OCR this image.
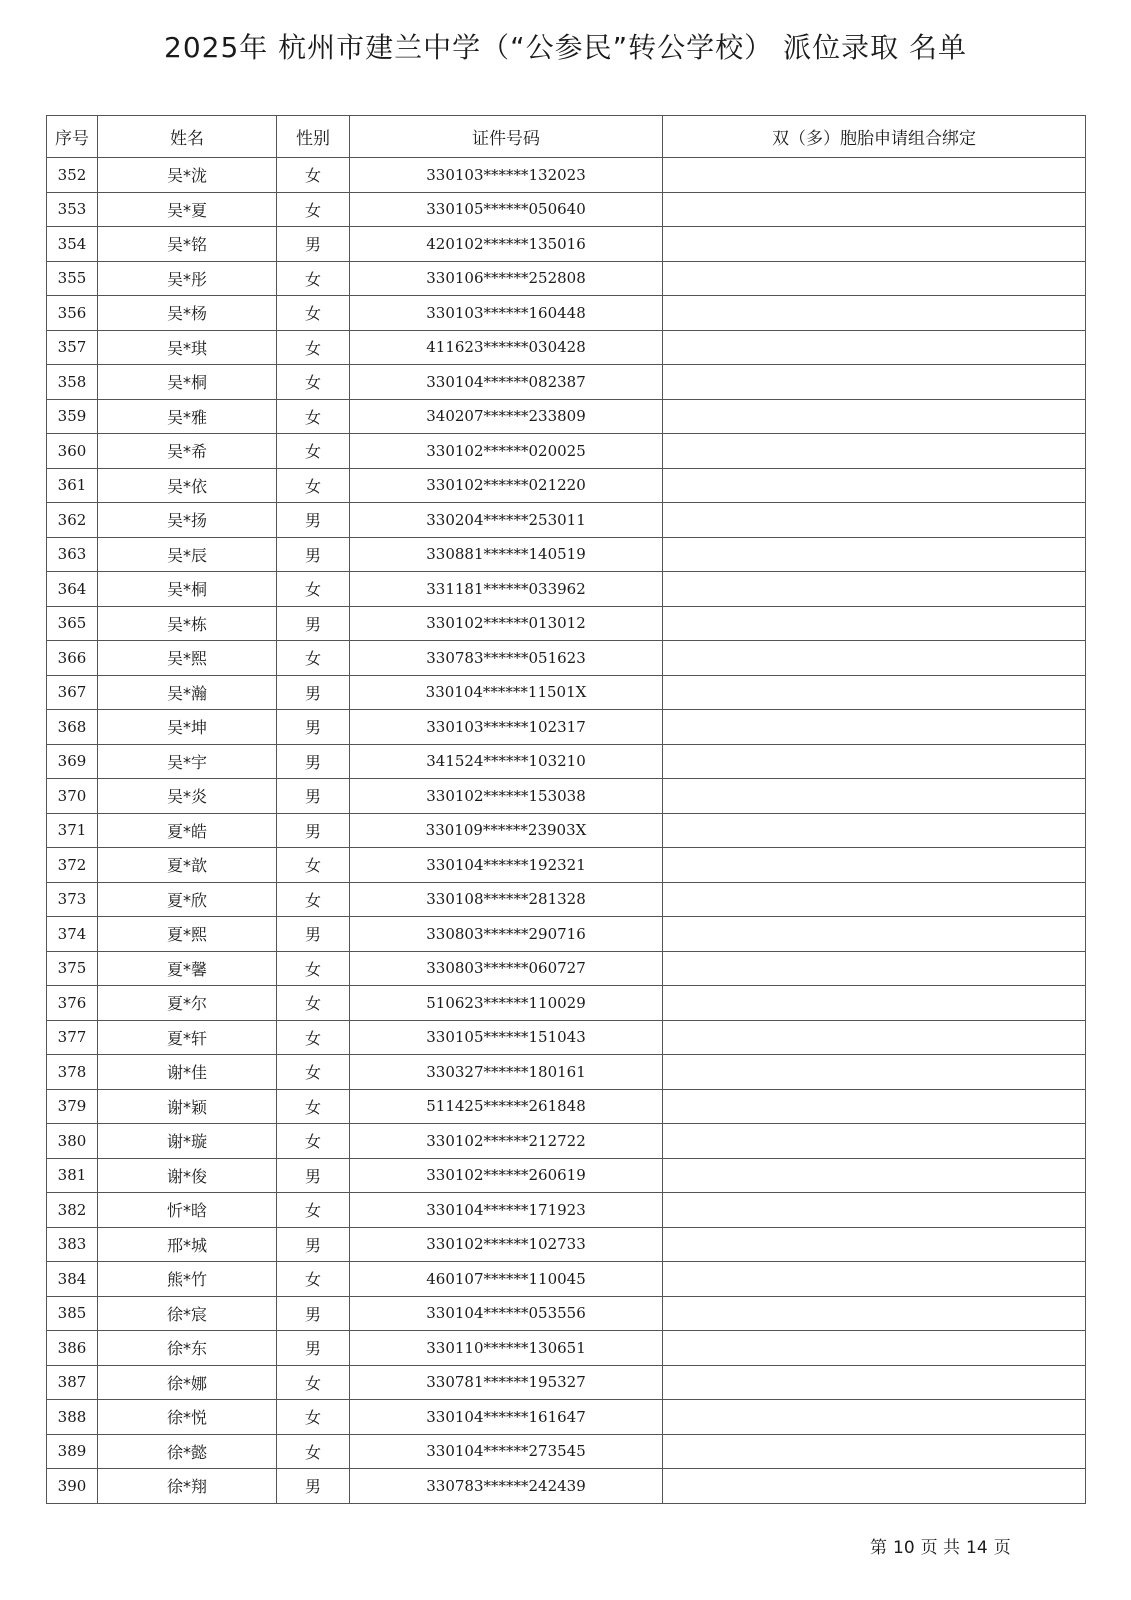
2025年 杭州市建兰中学（“公参民”转公学校） 派位录取 名单
序号	姓名	性别	证件号码	双（多）胞胎申请组合绑定
352	吴*泷	女	330103******132023	
353	吴*夏	女	330105******050640	
354	吴*铭	男	420102******135016	
355	吴*彤	女	330106******252808	
356	吴*杨	女	330103******160448	
357	吴*琪	女	411623******030428	
358	吴*桐	女	330104******082387	
359	吴*雅	女	340207******233809	
360	吴*希	女	330102******020025	
361	吴*依	女	330102******021220	
362	吴*扬	男	330204******253011	
363	吴*辰	男	330881******140519	
364	吴*桐	女	331181******033962	
365	吴*栋	男	330102******013012	
366	吴*熙	女	330783******051623	
367	吴*瀚	男	330104******11501X	
368	吴*坤	男	330103******102317	
369	吴*宇	男	341524******103210	
370	吴*炎	男	330102******153038	
371	夏*皓	男	330109******23903X	
372	夏*歆	女	330104******192321	
373	夏*欣	女	330108******281328	
374	夏*熙	男	330803******290716	
375	夏*馨	女	330803******060727	
376	夏*尔	女	510623******110029	
377	夏*轩	女	330105******151043	
378	谢*佳	女	330327******180161	
379	谢*颖	女	511425******261848	
380	谢*璇	女	330102******212722	
381	谢*俊	男	330102******260619	
382	忻*晗	女	330104******171923	
383	邢*城	男	330102******102733	
384	熊*竹	女	460107******110045	
385	徐*宸	男	330104******053556	
386	徐*东	男	330110******130651	
387	徐*娜	女	330781******195327	
388	徐*悦	女	330104******161647	
389	徐*懿	女	330104******273545	
390	徐*翔	男	330783******242439	
第 10 页 共 14 页
